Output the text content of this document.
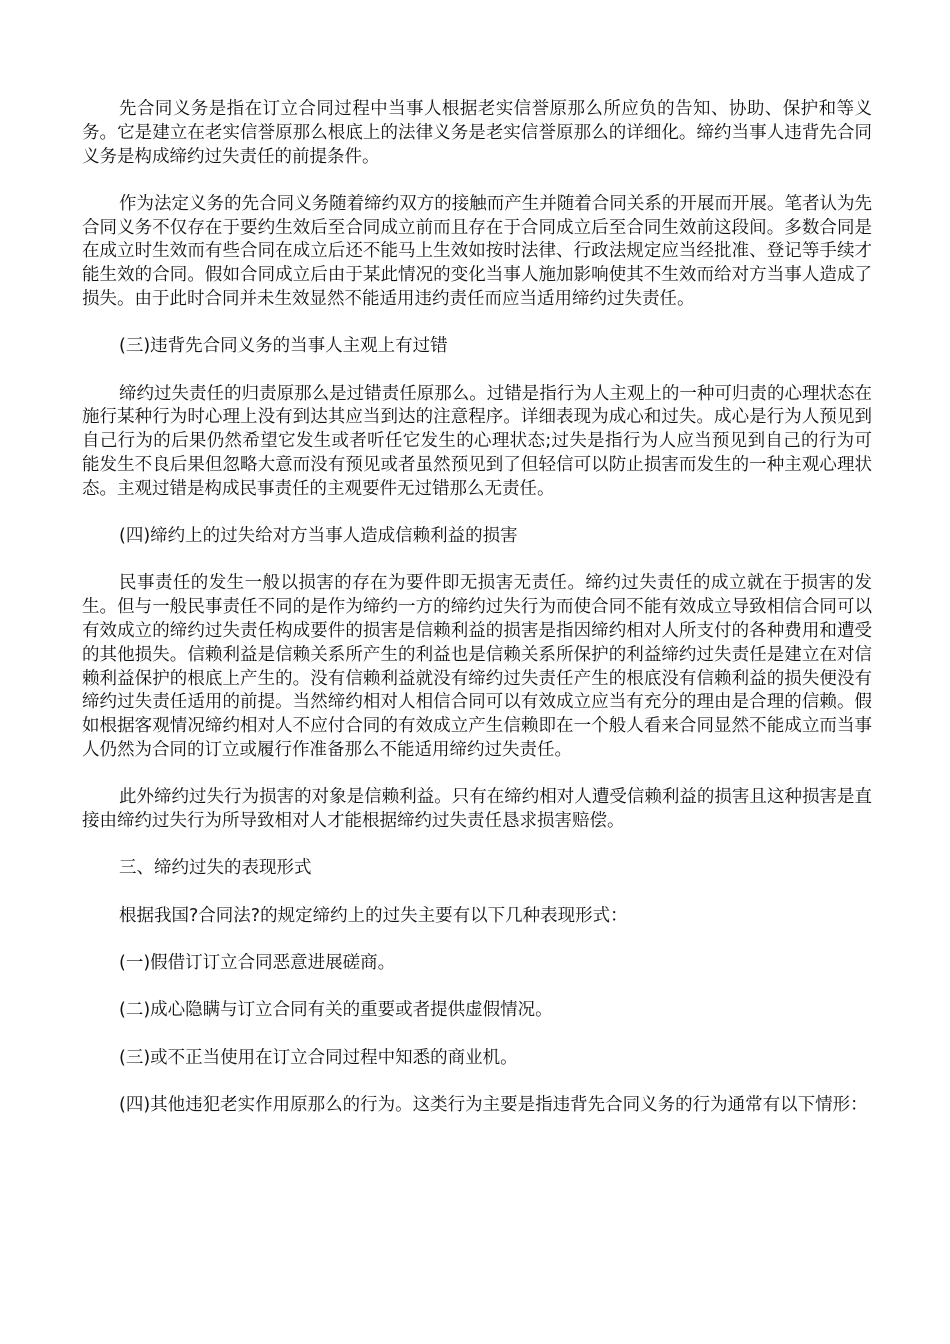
先合同义务是指在订立合同过程中当事人根据老实信誉原那么所应负的告知、协助、保护和等义务。它是建立在老实信誉原那么根底上的法律义务是老实信誉原那么的详细化。缔约当事人违背先合同义务是构成缔约过失责任的前提条件。

作为法定义务的先合同义务随着缔约双方的接触而产生并随着合同关系的开展而开展。笔者认为先合同义务不仅存在于要约生效后至合同成立前而且存在于合同成立后至合同生效前这段间。多数合同是在成立时生效而有些合同在成立后还不能马上生效如按时法律、行政法规定应当经批准、登记等手续才能生效的合同。假如合同成立后由于某此情况的变化当事人施加影响使其不生效而给对方当事人造成了损失。由于此时合同并未生效显然不能适用违约责任而应当适用缔约过失责任。

(三)违背先合同义务的当事人主观上有过错

缔约过失责任的归责原那么是过错责任原那么。过错是指行为人主观上的一种可归责的心理状态在施行某种行为时心理上没有到达其应当到达的注意程序。详细表现为成心和过失。成心是行为人预见到自己行为的后果仍然希望它发生或者听任它发生的心理状态;过失是指行为人应当预见到自己的行为可能发生不良后果但忽略大意而没有预见或者虽然预见到了但轻信可以防止损害而发生的一种主观心理状态。主观过错是构成民事责任的主观要件无过错那么无责任。

(四)缔约上的过失给对方当事人造成信赖利益的损害

民事责任的发生一般以损害的存在为要件即无损害无责任。缔约过失责任的成立就在于损害的发生。但与一般民事责任不同的是作为缔约一方的缔约过失行为而使合同不能有效成立导致相信合同可以有效成立的缔约过失责任构成要件的损害是信赖利益的损害是指因缔约相对人所支付的各种费用和遭受的其他损失。信赖利益是信赖关系所产生的利益也是信赖关系所保护的利益缔约过失责任是建立在对信赖利益保护的根底上产生的。没有信赖利益就没有缔约过失责任产生的根底没有信赖利益的损失便没有缔约过失责任适用的前提。当然缔约相对人相信合同可以有效成立应当有充分的理由是合理的信赖。假如根据客观情况缔约相对人不应付合同的有效成立产生信赖即在一个般人看来合同显然不能成立而当事人仍然为合同的订立或履行作准备那么不能适用缔约过失责任。

此外缔约过失行为损害的对象是信赖利益。只有在缔约相对人遭受信赖利益的损害且这种损害是直接由缔约过失行为所导致相对人才能根据缔约过失责任恳求损害赔偿。

三、缔约过失的表现形式

根据我国?合同法?的规定缔约上的过失主要有以下几种表现形式：

(一)假借订订立合同恶意进展磋商。

(二)成心隐瞒与订立合同有关的重要或者提供虚假情况。

(三)或不正当使用在订立合同过程中知悉的商业机。

(四)其他违犯老实作用原那么的行为。这类行为主要是指违背先合同义务的行为通常有以下情形：
